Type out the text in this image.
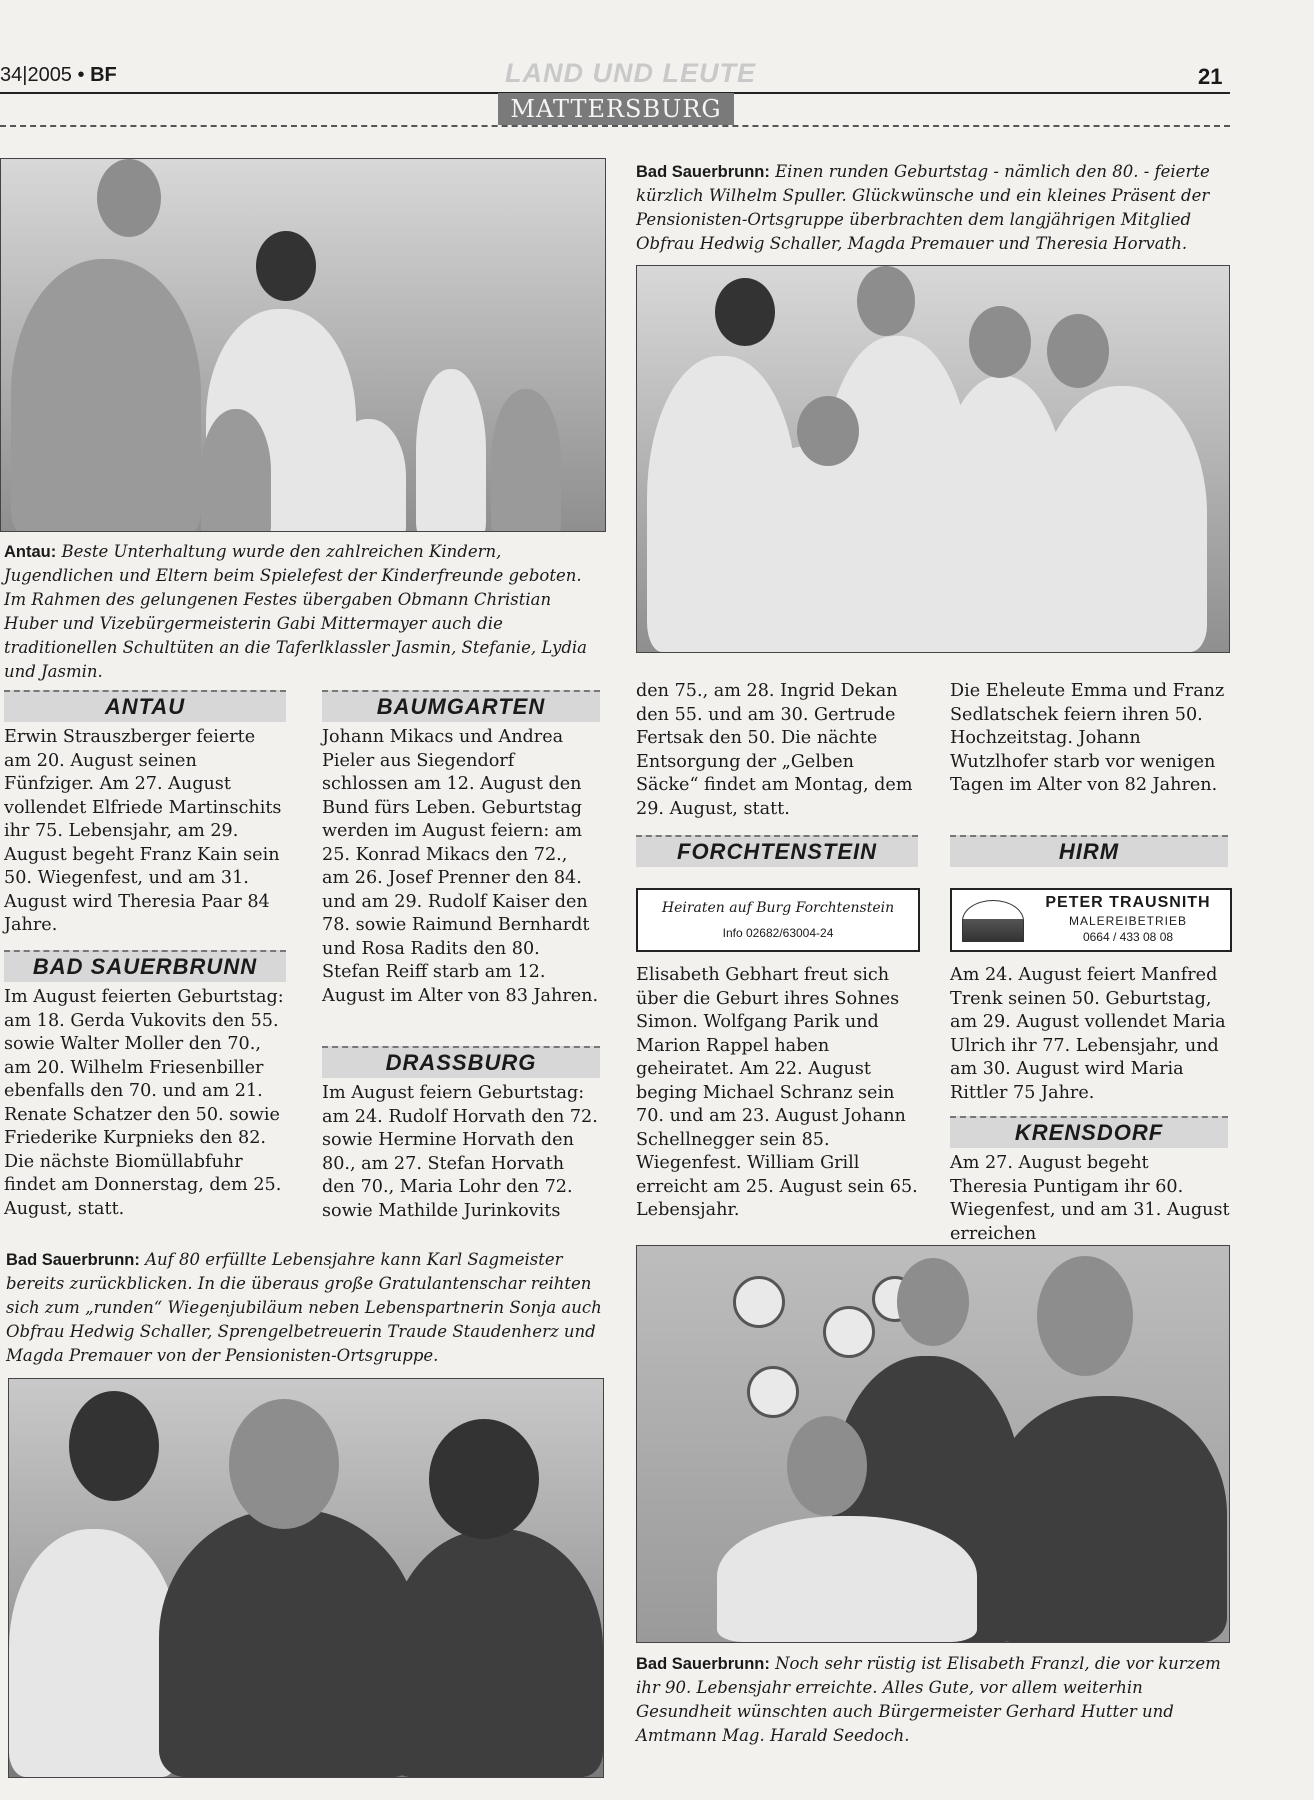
34|2005 • BF	LAND UND LEUTE	21
MATTERSBURG
Antau: Beste Unterhaltung wurde den zahlreichen Kindern, Jugendlichen und Eltern beim Spielefest der Kinderfreunde geboten. Im Rahmen des gelungenen Festes übergaben Obmann Christian Huber und Vizebürgermeisterin Gabi Mittermayer auch die traditionellen Schultüten an die Taferlklassler Jasmin, Stefanie, Lydia und Jasmin.
Bad Sauerbrunn: Einen runden Geburtstag - nämlich den 80. - feierte kürzlich Wilhelm Spuller. Glückwünsche und ein kleines Präsent der Pensionisten-Ortsgruppe überbrachten dem langjährigen Mitglied Obfrau Hedwig Schaller, Magda Premauer und Theresia Horvath.
ANTAU
Erwin Strauszberger feierte am 20. August seinen Fünfziger. Am 27. August vollendet Elfriede Martinschits ihr 75. Lebensjahr, am 29. August begeht Franz Kain sein 50. Wiegenfest, und am 31. August wird Theresia Paar 84 Jahre.
BAD SAUERBRUNN
Im August feierten Geburtstag: am 18. Gerda Vukovits den 55. sowie Walter Moller den 70., am 20. Wilhelm Friesenbiller ebenfalls den 70. und am 21. Renate Schatzer den 50. sowie Friederike Kurpnieks den 82. Die nächste Biomüllabfuhr findet am Donnerstag, dem 25. August, statt.
BAUMGARTEN
Johann Mikacs und Andrea Pieler aus Siegendorf schlossen am 12. August den Bund fürs Leben. Geburtstag werden im August feiern: am 25. Konrad Mikacs den 72., am 26. Josef Prenner den 84. und am 29. Rudolf Kaiser den 78. sowie Raimund Bernhardt und Rosa Radits den 80. Stefan Reiff starb am 12. August im Alter von 83 Jahren.
DRASSBURG
Im August feiern Geburtstag: am 24. Rudolf Horvath den 72. sowie Hermine Horvath den 80., am 27. Stefan Horvath den 70., Maria Lohr den 72. sowie Mathilde Jurinkovits
den 75., am 28. Ingrid Dekan den 55. und am 30. Gertrude Fertsak den 50. Die nächte Entsorgung der „Gelben Säcke“ findet am Montag, dem 29. August, statt.
FORCHTENSTEIN
Heiraten auf Burg Forchtenstein
Info 02682/63004-24
Elisabeth Gebhart freut sich über die Geburt ihres Sohnes Simon. Wolfgang Parik und Marion Rappel haben geheiratet. Am 22. August beging Michael Schranz sein 70. und am 23. August Johann Schellnegger sein 85. Wiegenfest. William Grill erreicht am 25. August sein 65. Lebensjahr.
Die Eheleute Emma und Franz Sedlatschek feiern ihren 50. Hochzeitstag. Johann Wutzlhofer starb vor wenigen Tagen im Alter von 82 Jahren.
HIRM
PETER TRAUSNITH
MALEREIBETRIEB
0664 / 433 08 08
Am 24. August feiert Manfred Trenk seinen 50. Geburtstag, am 29. August vollendet Maria Ulrich ihr 77. Lebensjahr, und am 30. August wird Maria Rittler 75 Jahre.
KRENSDORF
Am 27. August begeht Theresia Puntigam ihr 60. Wiegenfest, und am 31. August erreichen
Bad Sauerbrunn: Auf 80 erfüllte Lebensjahre kann Karl Sagmeister bereits zurückblicken. In die überaus große Gratulantenschar reihten sich zum „runden“ Wiegenjubiläum neben Lebenspartnerin Sonja auch Obfrau Hedwig Schaller, Sprengelbetreuerin Traude Staudenherz und Magda Premauer von der Pensionisten-Ortsgruppe.
Bad Sauerbrunn: Noch sehr rüstig ist Elisabeth Franzl, die vor kurzem ihr 90. Lebensjahr erreichte. Alles Gute, vor allem weiterhin Gesundheit wünschten auch Bürgermeister Gerhard Hutter und Amtmann Mag. Harald Seedoch.
